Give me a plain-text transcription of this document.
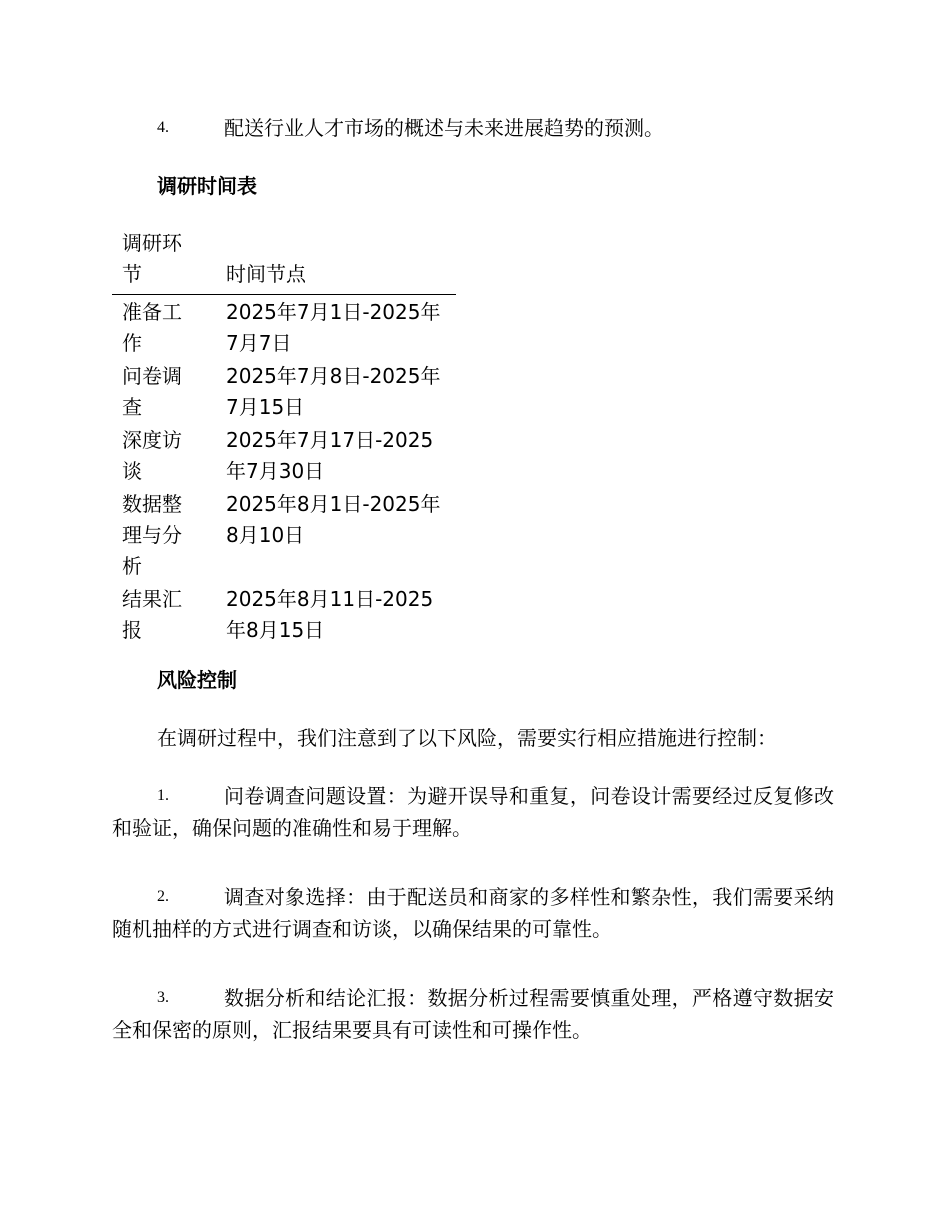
4.	配送行业人才市场的概述与未来进展趋势的预测。
调研时间表
调研环节	时间节点

准备工作	2025年7月1日-2025年7月7日

问卷调查	2025年7月8日-2025年7月15日

深度访谈	2025年7月17日-2025年7月30日

数据整理与分析	2025年8月1日-2025年8月10日

结果汇报	2025年8月11日-2025年8月15日
风险控制
在调研过程中，我们注意到了以下风险，需要实行相应措施进行控制：
1.	问卷调查问题设置：为避开误导和重复，问卷设计需要经过反复修改和验证，确保问题的准确性和易于理解。
2.	调查对象选择：由于配送员和商家的多样性和繁杂性，我们需要采纳随机抽样的方式进行调查和访谈，以确保结果的可靠性。
3.	数据分析和结论汇报：数据分析过程需要慎重处理，严格遵守数据安全和保密的原则，汇报结果要具有可读性和可操作性。
